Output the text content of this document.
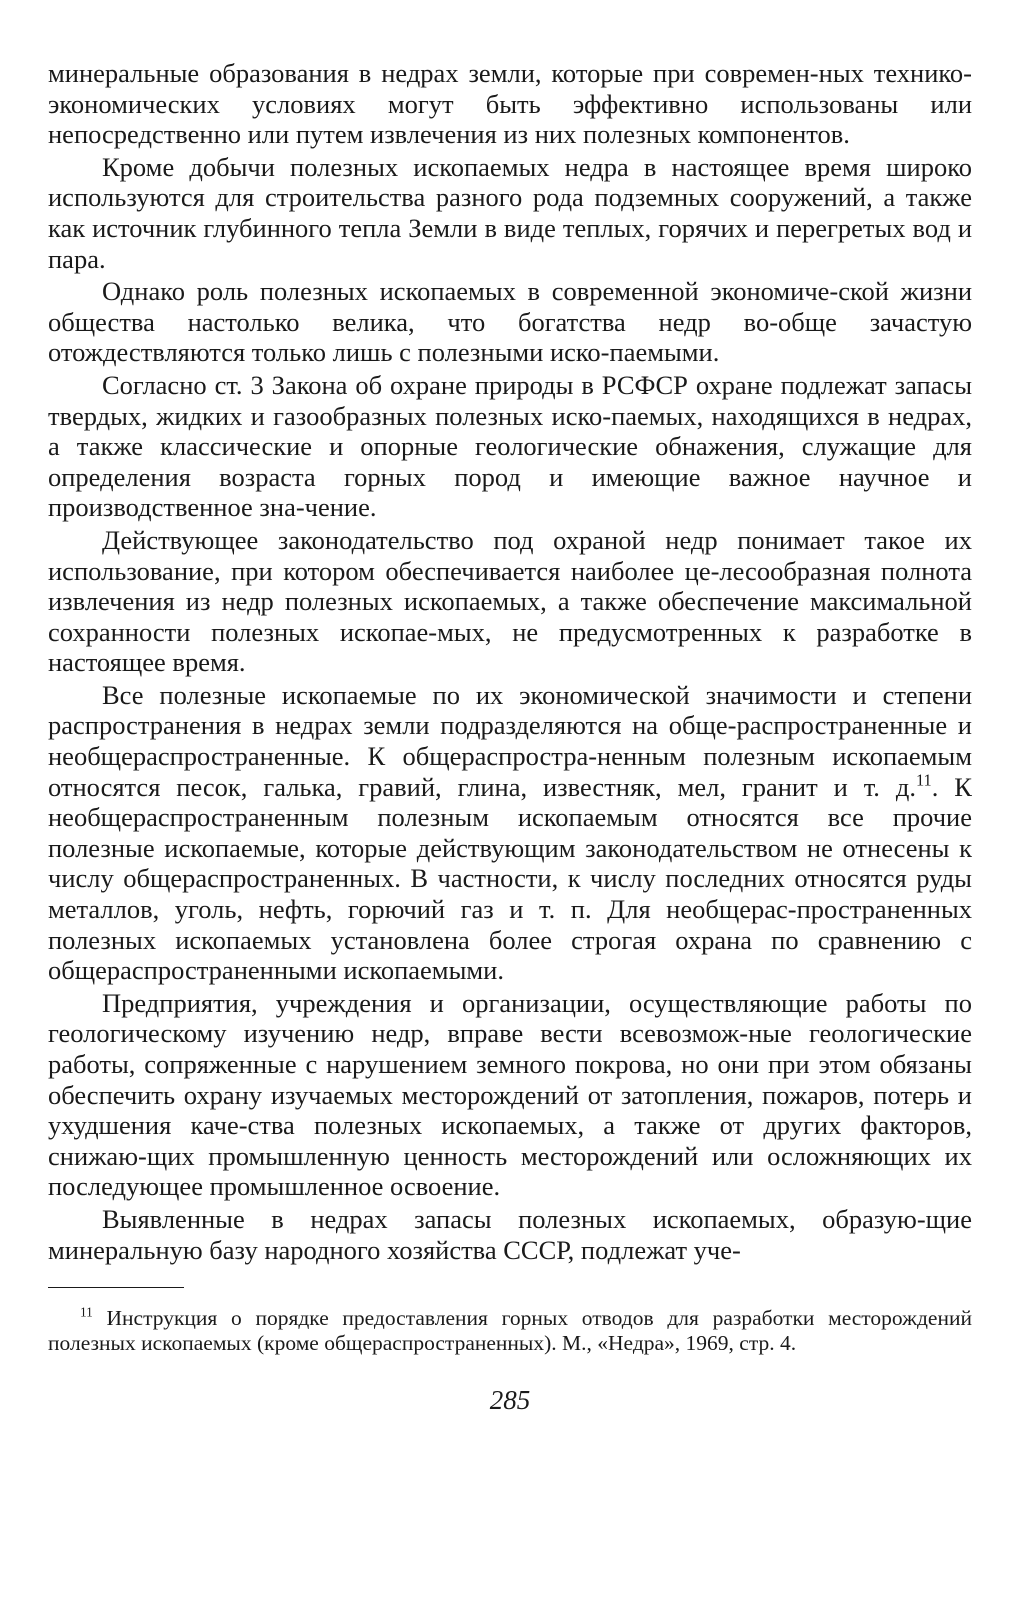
минеральные образования в недрах земли, которые при современ-ных технико-экономических условиях могут быть эффективно использованы или непосредственно или путем извлечения из них полезных компонентов.

Кроме добычи полезных ископаемых недра в настоящее время широко используются для строительства разного рода подземных сооружений, а также как источник глубинного тепла Земли в виде теплых, горячих и перегретых вод и пара.

Однако роль полезных ископаемых в современной экономиче-ской жизни общества настолько велика, что богатства недр во-обще зачастую отождествляются только лишь с полезными иско-паемыми.

Согласно ст. 3 Закона об охране природы в РСФСР охране подлежат запасы твердых, жидких и газообразных полезных иско-паемых, находящихся в недрах, а также классические и опорные геологические обнажения, служащие для определения возраста горных пород и имеющие важное научное и производственное зна-чение.

Действующее законодательство под охраной недр понимает такое их использование, при котором обеспечивается наиболее це-лесообразная полнота извлечения из недр полезных ископаемых, а также обеспечение максимальной сохранности полезных ископае-мых, не предусмотренных к разработке в настоящее время.

Все полезные ископаемые по их экономической значимости и степени распространения в недрах земли подразделяются на обще-распространенные и необщераспространенные. К общераспростра-ненным полезным ископаемым относятся песок, галька, гравий, глина, известняк, мел, гранит и т. д.$^{11}$. К необщераспространенным полезным ископаемым относятся все прочие полезные ископаемые, которые действующим законодательством не отнесены к числу общераспространенных. В частности, к числу последних относятся руды металлов, уголь, нефть, горючий газ и т. п. Для необщерас-пространенных полезных ископаемых установлена более строгая охрана по сравнению с общераспространенными ископаемыми.

Предприятия, учреждения и организации, осуществляющие работы по геологическому изучению недр, вправе вести всевозмож-ные геологические работы, сопряженные с нарушением земного покрова, но они при этом обязаны обеспечить охрану изучаемых месторождений от затопления, пожаров, потерь и ухудшения каче-ства полезных ископаемых, а также от других факторов, снижаю-щих промышленную ценность месторождений или осложняющих их последующее промышленное освоение.

Выявленные в недрах запасы полезных ископаемых, образую-щие минеральную базу народного хозяйства СССР, подлежат уче-

$^{11}$ Инструкция о порядке предоставления горных отводов для разработки месторождений полезных ископаемых (кроме общераспространенных). М., «Недра», 1969, стр. 4.

285
